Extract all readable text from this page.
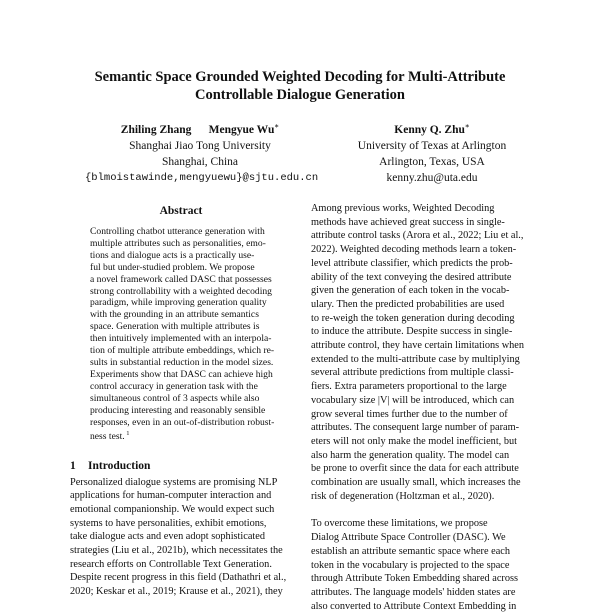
Semantic Space Grounded Weighted Decoding for Multi-Attribute
Controllable Dialogue Generation
Zhiling Zhang      Mengyue Wu∗
Shanghai Jiao Tong University
Shanghai, China
{blmoistawinde,mengyuewu}@sjtu.edu.cn
Kenny Q. Zhu∗
University of Texas at Arlington
Arlington, Texas, USA
kenny.zhu@uta.edu
Abstract
Controlling chatbot utterance generation with
multiple attributes such as personalities, emo-
tions and dialogue acts is a practically use-
ful but under-studied problem. We propose
a novel framework called DASC that possesses
strong controllability with a weighted decoding
paradigm, while improving generation quality
with the grounding in an attribute semantics
space. Generation with multiple attributes is
then intuitively implemented with an interpola-
tion of multiple attribute embeddings, which re-
sults in substantial reduction in the model sizes.
Experiments show that DASC can achieve high
control accuracy in generation task with the
simultaneous control of 3 aspects while also
producing interesting and reasonably sensible
responses, even in an out-of-distribution robust-
ness test. $^1$
1 Introduction
Personalized dialogue systems are promising NLP
applications for human-computer interaction and
emotional companionship. We would expect such
systems to have personalities, exhibit emotions,
take dialogue acts and even adopt sophisticated
strategies (Liu et al., 2021b), which necessitates the
research efforts on Controllable Text Generation.
Despite recent progress in this field (Dathathri et al.,
2020; Keskar et al., 2019; Krause et al., 2021), they
Among previous works, Weighted Decoding
methods have achieved great success in single-
attribute control tasks (Arora et al., 2022; Liu et al.,
2022). Weighted decoding methods learn a token-
level attribute classifier, which predicts the prob-
ability of the text conveying the desired attribute
given the generation of each token in the vocab-
ulary. Then the predicted probabilities are used
to re-weigh the token generation during decoding
to induce the attribute. Despite success in single-
attribute control, they have certain limitations when
extended to the multi-attribute case by multiplying
several attribute predictions from multiple classi-
fiers. Extra parameters proportional to the large
vocabulary size |V| will be introduced, which can
grow several times further due to the number of
attributes. The consequent large number of param-
eters will not only make the model inefficient, but
also harm the generation quality. The model can
be prone to overfit since the data for each attribute
combination are usually small, which increases the
risk of degeneration (Holtzman et al., 2020).
To overcome these limitations, we propose
Dialog Attribute Space Controller (DASC). We
establish an attribute semantic space where each
token in the vocabulary is projected to the space
through Attribute Token Embedding shared across
attributes. The language models' hidden states are
also converted to Attribute Context Embedding in
